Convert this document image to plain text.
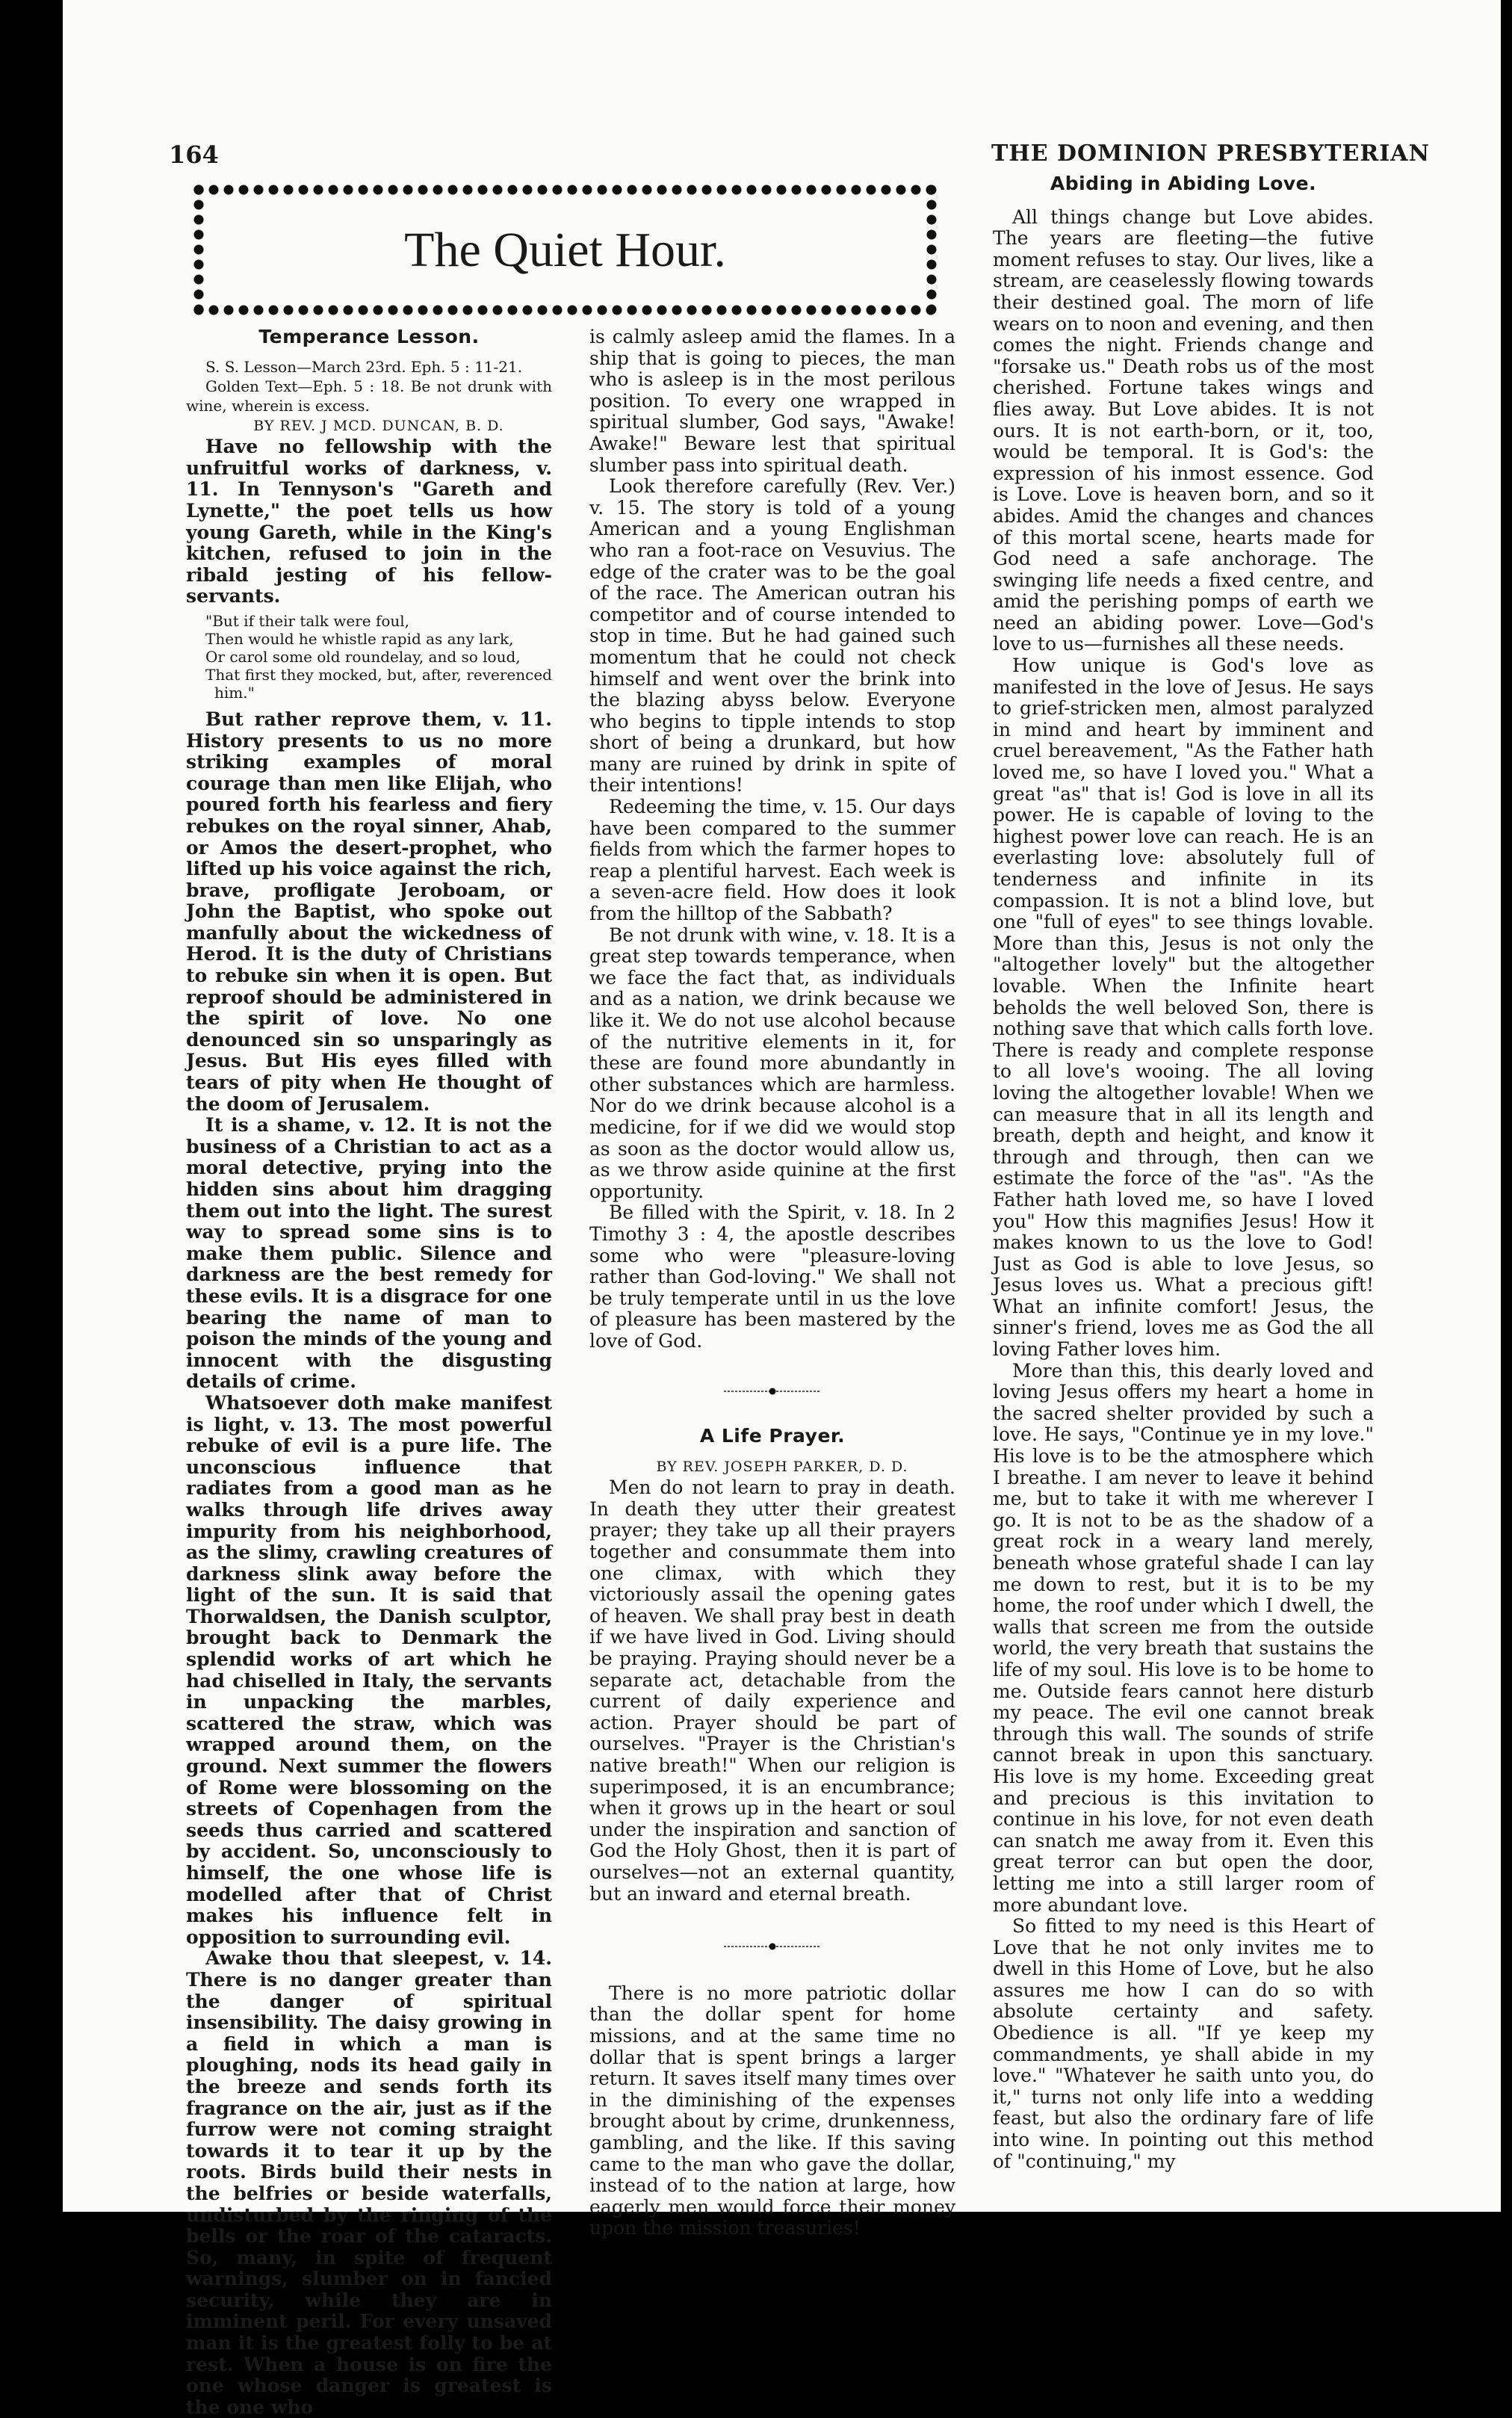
164	THE DOMINION PRESBYTERIAN
The Quiet Hour.
Temperance Lesson.

S. S. Lesson—March 23rd. Eph. 5 : 11-21.

Golden Text—Eph. 5 : 18. Be not drunk with wine, wherein is excess.

BY REV. J MCD. DUNCAN, B. D.

Have no fellowship with the unfruitful works of darkness, v. 11. In Tennyson's "Gareth and Lynette," the poet tells us how young Gareth, while in the King's kitchen, refused to join in the ribald jesting of his fellow-servants.

"But if their talk were foul,
Then would he whistle rapid as any lark,
Or carol some old roundelay, and so loud,
That first they mocked, but, after, reverenced him."

But rather reprove them, v. 11. History presents to us no more striking examples of moral courage than men like Elijah, who poured forth his fearless and fiery rebukes on the royal sinner, Ahab, or Amos the desert-prophet, who lifted up his voice against the rich, brave, profligate Jeroboam, or John the Baptist, who spoke out manfully about the wickedness of Herod. It is the duty of Christians to rebuke sin when it is open. But reproof should be administered in the spirit of love. No one denounced sin so unsparingly as Jesus. But His eyes filled with tears of pity when He thought of the doom of Jerusalem.

It is a shame, v. 12. It is not the business of a Christian to act as a moral detective, prying into the hidden sins about him dragging them out into the light. The surest way to spread some sins is to make them public. Silence and darkness are the best remedy for these evils. It is a disgrace for one bearing the name of man to poison the minds of the young and innocent with the disgusting details of crime.

Whatsoever doth make manifest is light, v. 13. The most powerful rebuke of evil is a pure life. The unconscious influence that radiates from a good man as he walks through life drives away impurity from his neighborhood, as the slimy, crawling creatures of darkness slink away before the light of the sun. It is said that Thorwaldsen, the Danish sculptor, brought back to Denmark the splendid works of art which he had chiselled in Italy, the servants in unpacking the marbles, scattered the straw, which was wrapped around them, on the ground. Next summer the flowers of Rome were blossoming on the streets of Copenhagen from the seeds thus carried and scattered by accident. So, unconsciously to himself, the one whose life is modelled after that of Christ makes his influence felt in opposition to surrounding evil.

Awake thou that sleepest, v. 14. There is no danger greater than the danger of spiritual insensibility. The daisy growing in a field in which a man is ploughing, nods its head gaily in the breeze and sends forth its fragrance on the air, just as if the furrow were not coming straight towards it to tear it up by the roots. Birds build their nests in the belfries or beside waterfalls, undisturbed by the ringing of the bells or the roar of the cataracts. So, many, in spite of frequent warnings, slumber on in fancied security, while they are in imminent peril. For every unsaved man it is the greatest folly to be at rest. When a house is on fire the one whose danger is greatest is the one who

is calmly asleep amid the flames. In a ship that is going to pieces, the man who is asleep is in the most perilous position. To every one wrapped in spiritual slumber, God says, "Awake! Awake!" Beware lest that spiritual slumber pass into spiritual death.

Look therefore carefully (Rev. Ver.) v. 15. The story is told of a young American and a young Englishman who ran a foot-race on Vesuvius. The edge of the crater was to be the goal of the race. The American outran his competitor and of course intended to stop in time. But he had gained such momentum that he could not check himself and went over the brink into the blazing abyss below. Everyone who begins to tipple intends to stop short of being a drunkard, but how many are ruined by drink in spite of their intentions!

Redeeming the time, v. 15. Our days have been compared to the summer fields from which the farmer hopes to reap a plentiful harvest. Each week is a seven-acre field. How does it look from the hilltop of the Sabbath?

Be not drunk with wine, v. 18. It is a great step towards temperance, when we face the fact that, as individuals and as a nation, we drink because we like it. We do not use alcohol because of the nutritive elements in it, for these are found more abundantly in other substances which are harmless. Nor do we drink because alcohol is a medicine, for if we did we would stop as soon as the doctor would allow us, as we throw aside quinine at the first opportunity.

Be filled with the Spirit, v. 18. In 2 Timothy 3 : 4, the apostle describes some who were "pleasure-loving rather than God-loving." We shall not be truly temperate until in us the love of pleasure has been mastered by the love of God.

A Life Prayer.

BY REV. JOSEPH PARKER, D. D.

Men do not learn to pray in death. In death they utter their greatest prayer; they take up all their prayers together and consummate them into one climax, with which they victoriously assail the opening gates of heaven. We shall pray best in death if we have lived in God. Living should be praying. Praying should never be a separate act, detachable from the current of daily experience and action. Prayer should be part of ourselves. "Prayer is the Christian's native breath!" When our religion is superimposed, it is an encumbrance; when it grows up in the heart or soul under the inspiration and sanction of God the Holy Ghost, then it is part of ourselves—not an external quantity, but an inward and eternal breath.

There is no more patriotic dollar than the dollar spent for home missions, and at the same time no dollar that is spent brings a larger return. It saves itself many times over in the diminishing of the expenses brought about by crime, drunkenness, gambling, and the like. If this saving came to the man who gave the dollar, instead of to the nation at large, how eagerly men would force their money upon the mission treasuries!

Abiding in Abiding Love.

All things change but Love abides. The years are fleeting—the futive moment refuses to stay. Our lives, like a stream, are ceaselessly flowing towards their destined goal. The morn of life wears on to noon and evening, and then comes the night. Friends change and "forsake us." Death robs us of the most cherished. Fortune takes wings and flies away. But Love abides. It is not ours. It is not earth-born, or it, too, would be temporal. It is God's: the expression of his inmost essence. God is Love. Love is heaven born, and so it abides. Amid the changes and chances of this mortal scene, hearts made for God need a safe anchorage. The swinging life needs a fixed centre, and amid the perishing pomps of earth we need an abiding power. Love—God's love to us—furnishes all these needs.

How unique is God's love as manifested in the love of Jesus. He says to grief-stricken men, almost paralyzed in mind and heart by imminent and cruel bereavement, "As the Father hath loved me, so have I loved you." What a great "as" that is! God is love in all its power. He is capable of loving to the highest power love can reach. He is an everlasting love: absolutely full of tenderness and infinite in its compassion. It is not a blind love, but one "full of eyes" to see things lovable. More than this, Jesus is not only the "altogether lovely" but the altogether lovable. When the Infinite heart beholds the well beloved Son, there is nothing save that which calls forth love. There is ready and complete response to all love's wooing. The all loving loving the altogether lovable! When we can measure that in all its length and breath, depth and height, and know it through and through, then can we estimate the force of the "as". "As the Father hath loved me, so have I loved you" How this magnifies Jesus! How it makes known to us the love to God! Just as God is able to love Jesus, so Jesus loves us. What a precious gift! What an infinite comfort! Jesus, the sinner's friend, loves me as God the all loving Father loves him.

More than this, this dearly loved and loving Jesus offers my heart a home in the sacred shelter provided by such a love. He says, "Continue ye in my love." His love is to be the atmosphere which I breathe. I am never to leave it behind me, but to take it with me wherever I go. It is not to be as the shadow of a great rock in a weary land merely, beneath whose grateful shade I can lay me down to rest, but it is to be my home, the roof under which I dwell, the walls that screen me from the outside world, the very breath that sustains the life of my soul. His love is to be home to me. Outside fears cannot here disturb my peace. The evil one cannot break through this wall. The sounds of strife cannot break in upon this sanctuary. His love is my home. Exceeding great and precious is this invitation to continue in his love, for not even death can snatch me away from it. Even this great terror can but open the door, letting me into a still larger room of more abundant love.

So fitted to my need is this Heart of Love that he not only invites me to dwell in this Home of Love, but he also assures me how I can do so with absolute certainty and safety. Obedience is all. "If ye keep my commandments, ye shall abide in my love." "Whatever he saith unto you, do it," turns not only life into a wedding feast, but also the ordinary fare of life into wine. In pointing out this method of "continuing," my
